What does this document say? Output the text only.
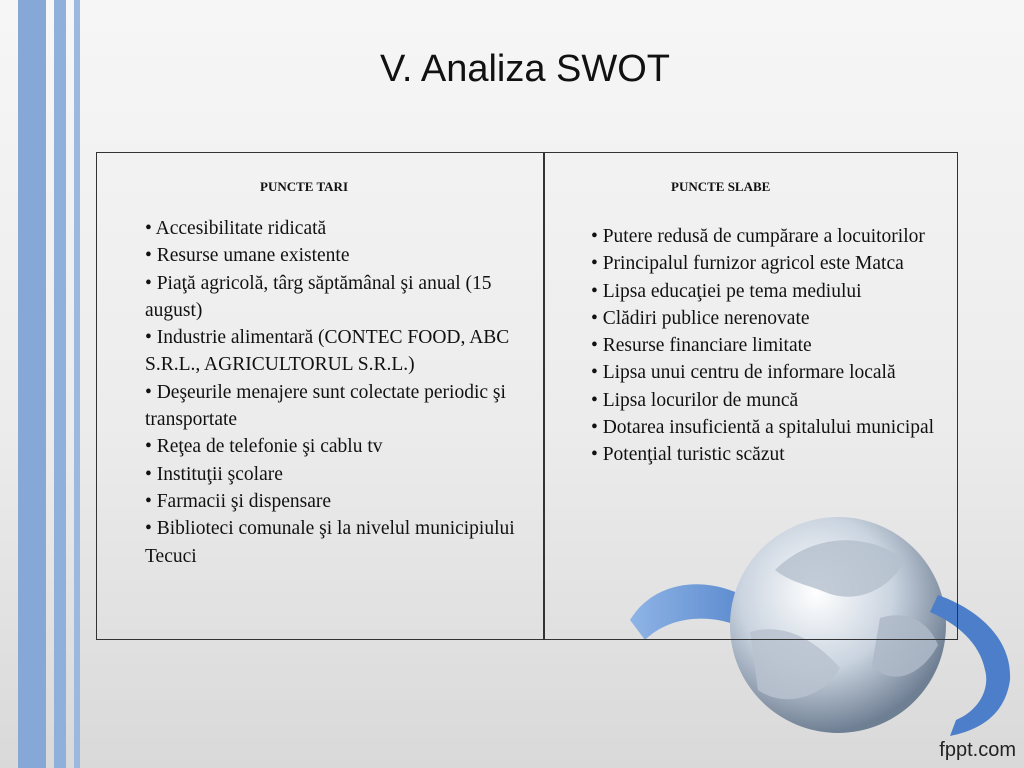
V. Analiza SWOT
PUNCTE TARI	PUNCTE SLABE
• Accesibilitate ridicată
• Resurse umane existente
• Piaţă agricolă, târg săptămânal şi anual (15 august)
• Industrie alimentară (CONTEC FOOD, ABC S.R.L., AGRICULTORUL S.R.L.)
• Deşeurile menajere sunt colectate periodic şi transportate
• Reţea de telefonie şi cablu tv
• Instituţii şcolare
• Farmacii şi dispensare
• Biblioteci comunale şi la nivelul municipiului Tecuci
• Putere redusă de cumpărare a locuitorilor
• Principalul furnizor agricol este Matca
• Lipsa educaţiei pe tema mediului
• Clădiri publice nerenovate
• Resurse financiare limitate
• Lipsa unui centru de informare locală
• Lipsa locurilor de muncă
• Dotarea insuficientă a spitalului municipal
• Potenţial turistic scăzut
fppt.com
